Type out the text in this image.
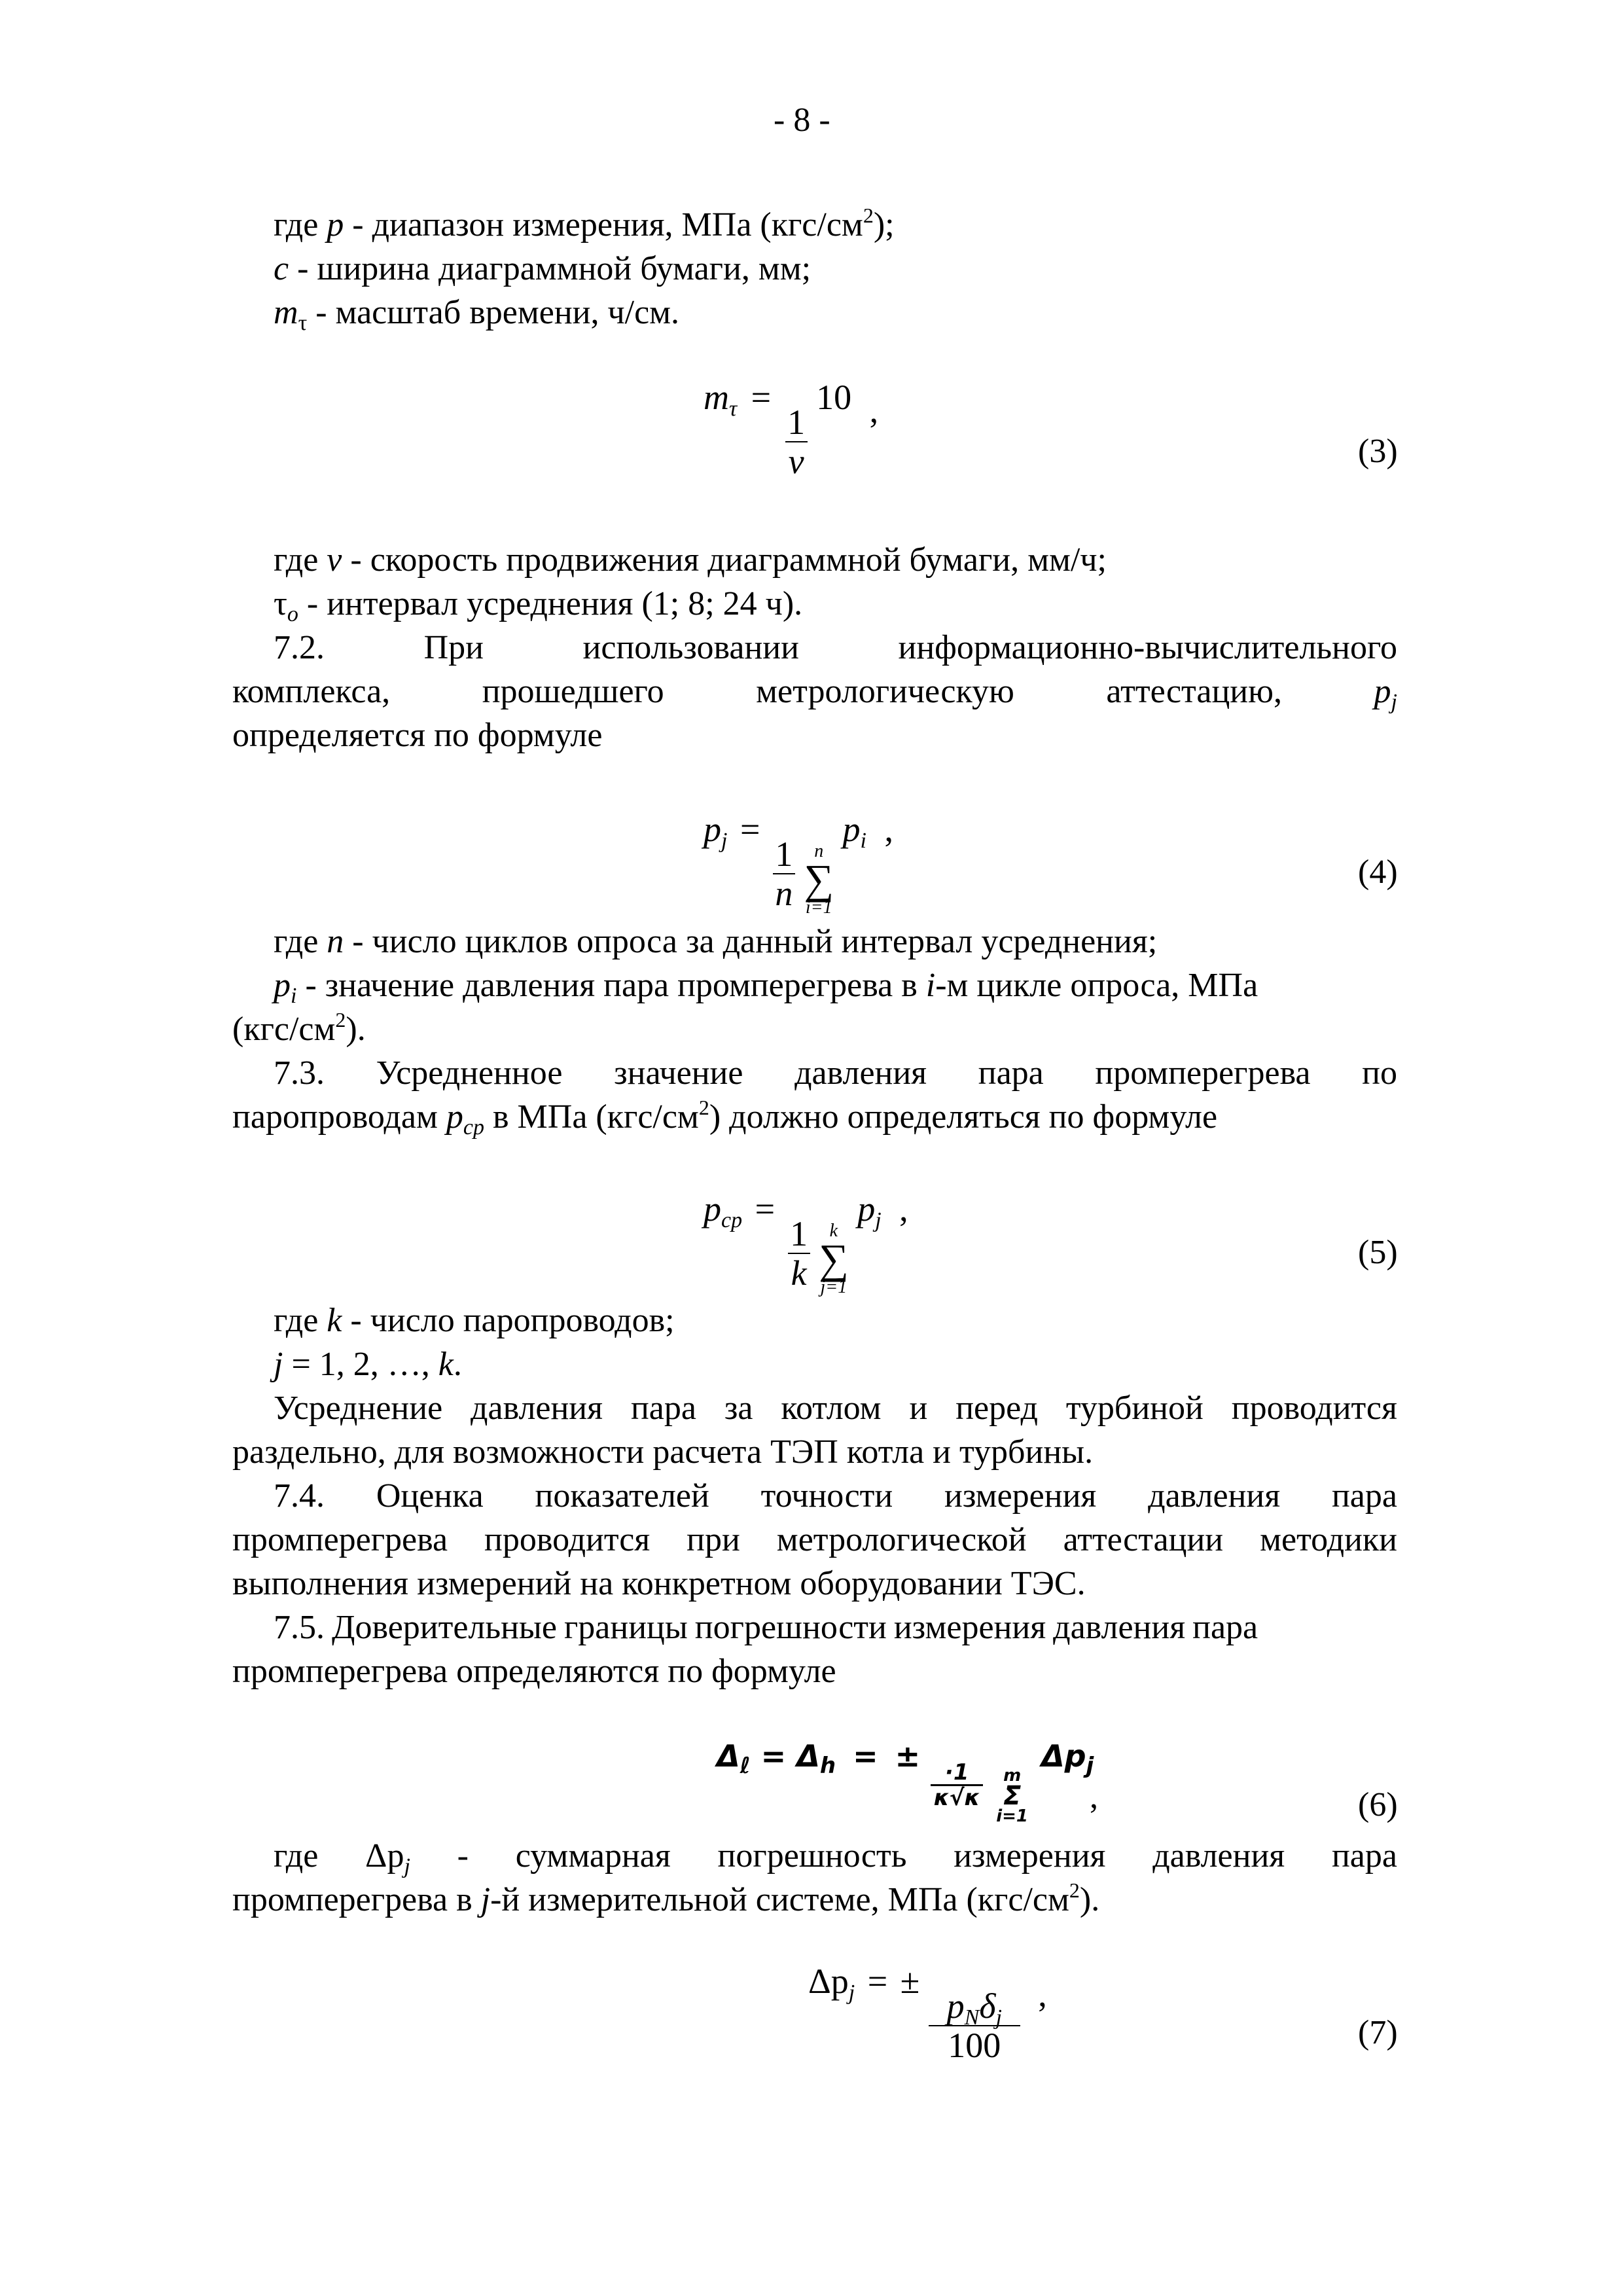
- 8 -
где p - диапазон измерения, МПа $(кгс/см^2)$;
c - ширина диаграммной бумаги, мм;
$m_\tau$ - масштаб времени, ч/см.
$m_\tau$ =
$\frac{1}{v}$
10 ,
(3)
где v - скорость продвижения диаграммной бумаги, мм/ч;
$\tau_o$ - интервал усреднения (1; 8; 24 ч).
7.2.	При	использовании	информационно-вычислительного
комплекса,	прошедшего	метрологическую	аттестацию,	$p_j$
определяется по формуле
$p_j$ =
$\frac{1}{n}$
n
∑
i=1
$p_i$ ,
(4)
где n - число циклов опроса за данный интервал усреднения;
$p_i$ - значение давления пара промперегрева в i-м цикле опроса, МПа
$(кгс/см^2)$.
7.3. Усредненное значение давления пара промперегрева по
паропроводам $p_{cp}$ в МПа $(кгс/см^2)$ должно определяться по формуле
$p_{cp}$ =
$\frac{1}{k}$
k
∑
j=1
$p_j$ ,
(5)
где k - число паропроводов;
j = 1, 2, …, k.
Усреднение давления пара за котлом и перед турбиной проводится
раздельно, для возможности расчета ТЭП котла и турбины.
7.4. Оценка показателей точности измерения давления пара
промперегрева проводится при метрологической аттестации методики
выполнения измерений на конкретном оборудовании ТЭС.
7.5. Доверительные границы погрешности измерения давления пара
промперегрева определяются по формуле
$\Delta_\ell = \Delta_h$ = ±
$\frac{\cdot 1}{\kappa√\kappa}$
m
Σ
i=1
$\Delta p_j$
,	(6)
где $\Delta p_j$ - суммарная погрешность измерения давления пара
промперегрева в j-й измерительной системе, МПа $(кгс/см^2)$.
$\Delta p_j$ = ±
$\frac{p_N\delta_j}{100}$ ,
(7)
